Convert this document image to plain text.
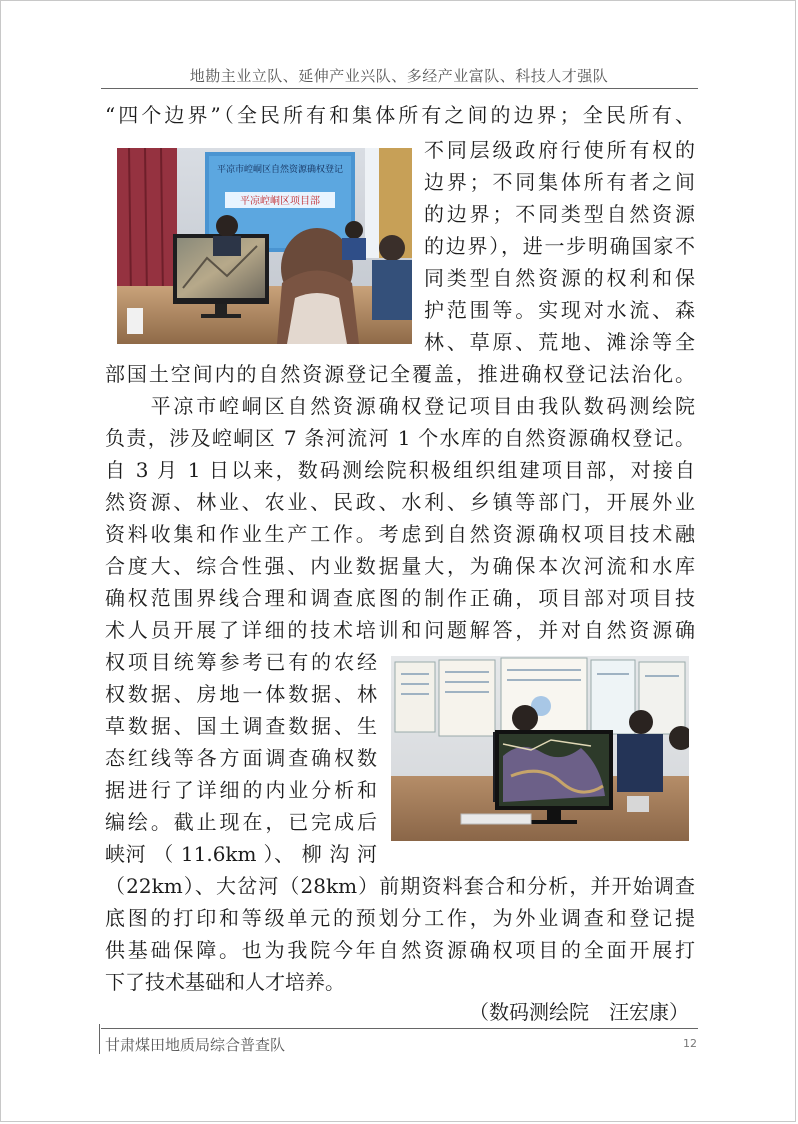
地勘主业立队、延伸产业兴队、多经产业富队、科技人才强队
平凉市崆峒区自然资源确权登记
平凉崆峒区项目部
“四个边界”（全民所有和集体所有之间的边界；全民所有、
不同层级政府行使所有权的
边界；不同集体所有者之间
的边界；不同类型自然资源
的边界），进一步明确国家不
同类型自然资源的权利和保
护范围等。实现对水流、森
林、草原、荒地、滩涂等全
部国土空间内的自然资源登记全覆盖，推进确权登记法治化。
　　平凉市崆峒区自然资源确权登记项目由我队数码测绘院
负责，涉及崆峒区 7 条河流河 1 个水库的自然资源确权登记。
自 3 月 1 日以来，数码测绘院积极组织组建项目部，对接自
然资源、林业、农业、民政、水利、乡镇等部门，开展外业
资料收集和作业生产工作。考虑到自然资源确权项目技术融
合度大、综合性强、内业数据量大，为确保本次河流和水库
确权范围界线合理和调查底图的制作正确，项目部对项目技
术人员开展了详细的技术培训和问题解答，并对自然资源确
权项目统筹参考已有的农经
权数据、房地一体数据、林
草数据、国土调查数据、生
态红线等各方面调查确权数
据进行了详细的内业分析和
编绘。截止现在，已完成后
峡河 （ 11.6km ）、 柳 沟 河
（22km）、大岔河（28km）前期资料套合和分析，并开始调查
底图的打印和等级单元的预划分工作，为外业调查和登记提
供基础保障。也为我院今年自然资源确权项目的全面开展打
下了技术基础和人才培养。
（数码测绘院　汪宏康）
甘肃煤田地质局综合普查队	12
